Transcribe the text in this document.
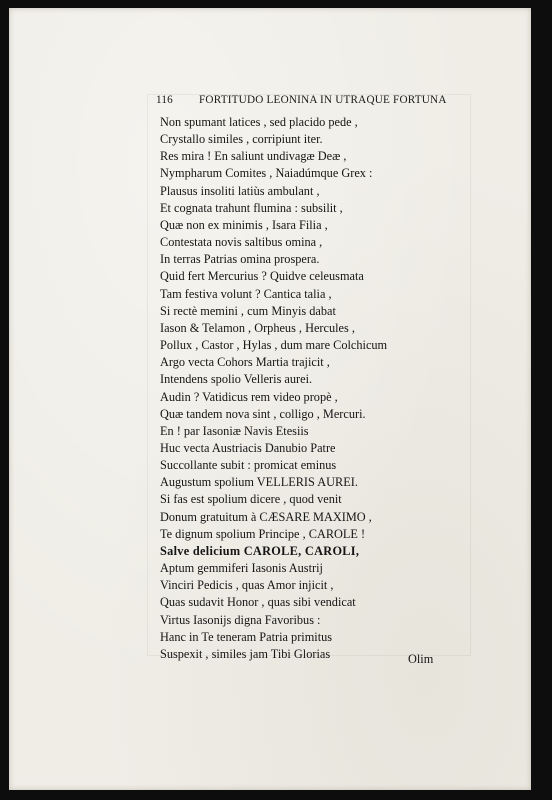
116 FORTITUDO LEONINA IN UTRAQUE FORTUNA
Non spumant latices , sed placido pede ,
Crystallo similes , corripiunt iter.
Res mira ! En saliunt undivagæ Deæ ,
Nympharum Comites , Naiadúmque Grex :
Plausus insoliti latiùs ambulant ,
Et cognata trahunt flumina : subsilit ,
Quæ non ex minimis , Isara Filia ,
Contestata novis saltibus omina ,
In terras Patrias omina prospera.
Quid fert Mercurius ? Quidve celeusmata
Tam festiva volunt ? Cantica talia ,
Si rectè memini , cum Minyis dabat
Iason & Telamon , Orpheus , Hercules ,
Pollux , Castor , Hylas , dum mare Colchicum
Argo vecta Cohors Martia trajicit ,
Intendens spolio Velleris aurei.
Audin ? Vatidicus rem video propè ,
Quæ tandem nova sint , colligo , Mercuri.
En ! par Iasoniæ Navis Etesiis
Huc vecta Austriacis Danubio Patre
Succollante subit : promicat eminus
Augustum spolium VELLERIS AUREI.
Si fas est spolium dicere , quod venit
Donum gratuitum à CÆSARE MAXIMO ,
Te dignum spolium Principe , CAROLE !
Salve delicium CAROLE, CAROLI,
Aptum gemmiferi Iasonis Austrij
Vinciri Pedicis , quas Amor injicit ,
Quas sudavit Honor , quas sibi vendicat
Virtus Iasonijs digna Favoribus :
Hanc in Te teneram Patria primitus
Suspexit , similes jam Tibi Glorias	Olim
